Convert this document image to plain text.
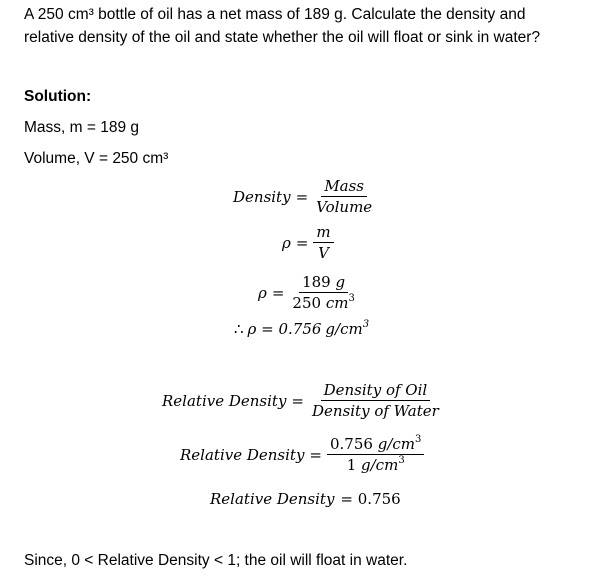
A 250 cm³ bottle of oil has a net mass of 189 g. Calculate the density and
relative density of the oil and state whether the oil will float or sink in water?
Solution:
Mass, m = 189 g
Volume, V = 250 cm³
Density = $\frac{\text{Mass}}{\text{Volume}}$
$\rho = \frac{m}{V}$
$\rho = \frac{189 g}{250 cm^3}$
∴ ρ = 0.756 $g/cm^3$
Relative Density = $\frac{\text{Density of Oil}}{\text{Density of Water}}$
Relative Density = $\frac{0.756 g/cm^3}{1 g/cm^3}$
Relative Density = 0.756
Since, 0 < Relative Density < 1; the oil will float in water.
